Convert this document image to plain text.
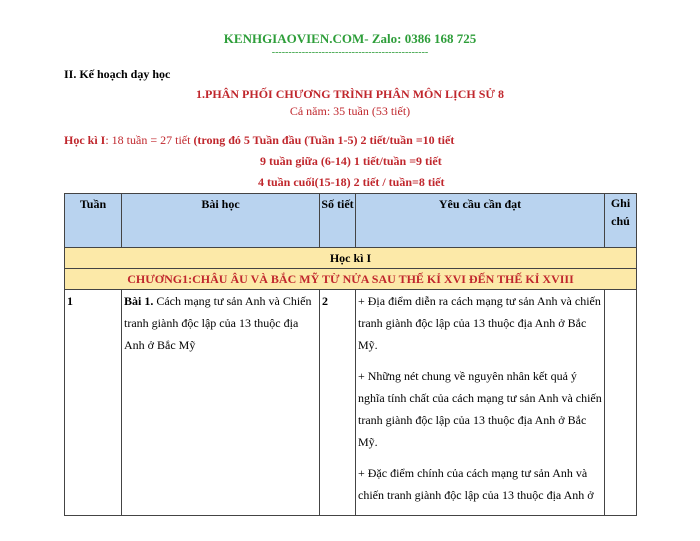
KENHGIAOVIEN.COM- Zalo: 0386 168 725
-----------------------------------------------
II. Kế hoạch dạy học
1.PHÂN PHỐI CHƯƠNG TRÌNH PHÂN MÔN LỊCH SỬ 8
Cả năm: 35 tuần (53 tiết)
Học kì I: 18 tuần = 27 tiết (trong đó 5 Tuần đầu (Tuần 1-5) 2 tiết/tuần =10 tiết
9 tuần giữa (6-14) 1 tiết/tuần =9 tiết
4 tuần cuối(15-18) 2 tiết / tuần=8 tiết
Tuần	Bài học	Số tiết	Yêu cầu cần đạt	Ghi
chú
Học kì I				
CHƯƠNG1:CHÂU ÂU VÀ BẮC MỸ TỪ NỬA SAU THẾ KỈ XVI ĐẾN THẾ KỈ XVIII				
1	Bài 1. Cách mạng tư sản Anh và Chiến tranh giành độc lập của 13 thuộc địa Anh ở Bắc Mỹ	2	+ Địa điểm diễn ra cách mạng tư sản Anh và chiến tranh giành độc lập của 13 thuộc địa Anh ở Bắc Mỹ.

+ Những nét chung về nguyên nhân kết quả ý nghĩa tính chất của cách mạng tư sản Anh và chiến tranh giành độc lập của 13 thuộc địa Anh ở Bắc Mỹ.

+ Đặc điểm chính của cách mạng tư sản Anh và chiến tranh giành độc lập của 13 thuộc địa Anh ở	
